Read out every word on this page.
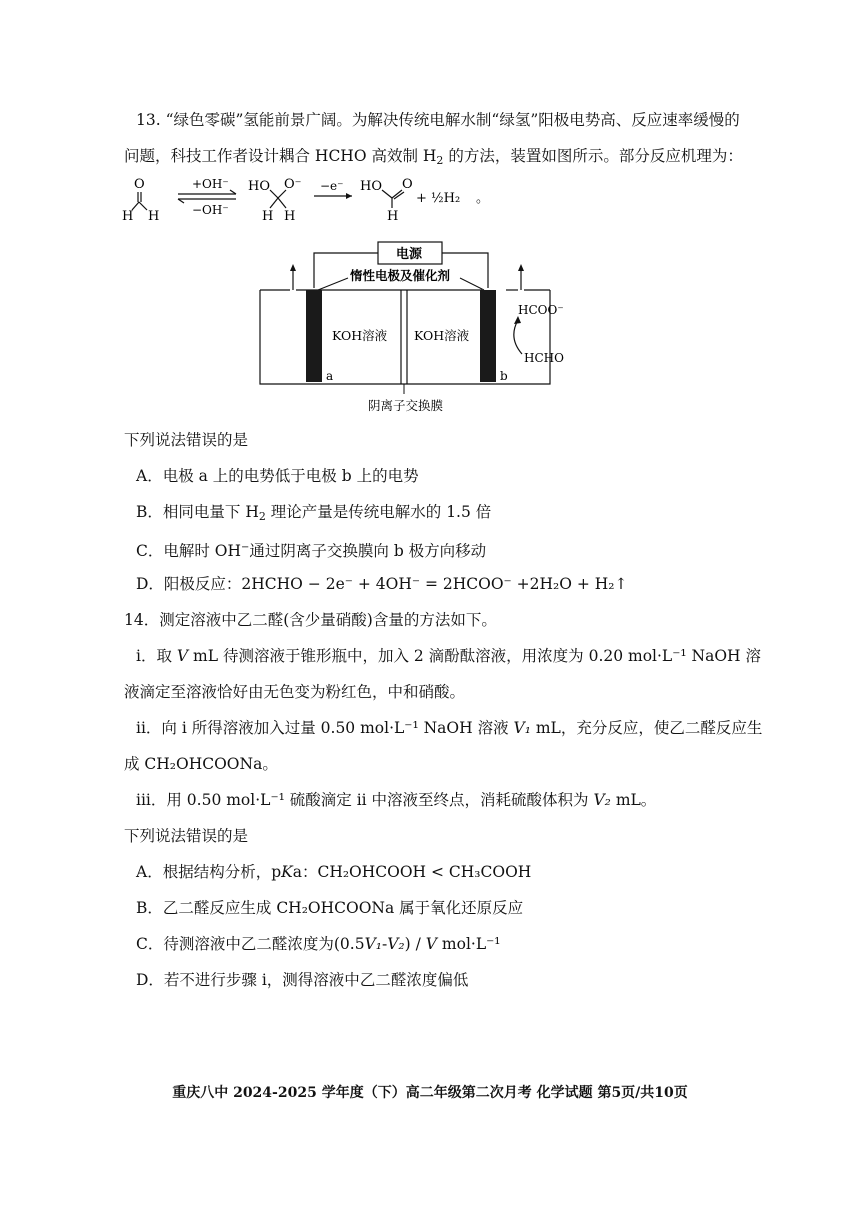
13. “绿色零碳”氢能前景广阔。为解决传统电解水制“绿氢”阳极电势高、反应速率缓慢的
问题，科技工作者设计耦合 HCHO 高效制 $H_2$ 的方法，装置如图所示。部分反应机理为：
O
H H
+OH⁻
−OH⁻
HO O⁻
H H
−e⁻ HO O
H
+ ½H₂ 。
电源
惰性电极及催化剂
a	b
KOH溶液 KOH溶液
HCOO⁻
HCHO
阴离子交换膜
下列说法错误的是
A．电极 a 上的电势低于电极 b 上的电势
B．相同电量下 $H_2$ 理论产量是传统电解水的 1.5 倍
C．电解时 OH−通过阴离子交换膜向 b 极方向移动
D．阳极反应：2HCHO − 2e⁻ + 4OH⁻ = 2HCOO⁻ +2H₂O + H₂↑
14．测定溶液中乙二醛(含少量硝酸)含量的方法如下。
i．取 V mL 待测溶液于锥形瓶中，加入 2 滴酚酞溶液，用浓度为 0.20 mol·L⁻¹ NaOH 溶
液滴定至溶液恰好由无色变为粉红色，中和硝酸。
ii．向 i 所得溶液加入过量 0.50 mol·L⁻¹ NaOH 溶液 V₁ mL，充分反应，使乙二醛反应生
成 CH₂OHCOONa。
iii．用 0.50 mol·L⁻¹ 硫酸滴定 ii 中溶液至终点，消耗硫酸体积为 V₂ mL。
下列说法错误的是
A．根据结构分析，pKa：CH₂OHCOOH < CH₃COOH
B．乙二醛反应生成 CH₂OHCOONa 属于氧化还原反应
C．待测溶液中乙二醛浓度为(0.5V₁-V₂) / V mol·L⁻¹
D．若不进行步骤 i，测得溶液中乙二醛浓度偏低
重庆八中 2024-2025 学年度（下）高二年级第二次月考 化学试题 第5页/共10页
